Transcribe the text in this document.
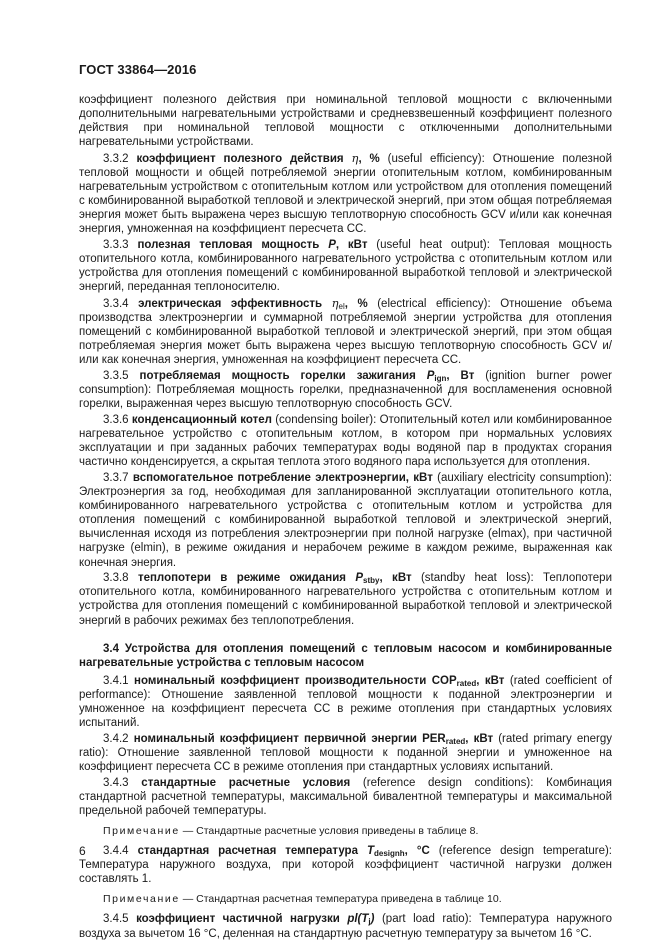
ГОСТ 33864—2016

коэффициент полезного действия при номинальной тепловой мощности с включенными дополнительными нагревательными устройствами и средневзвешенный коэффициент полезного действия при номинальной тепловой мощности с отключенными дополнительными нагревательными устройствами.

3.3.2 коэффициент полезного действия η, % (useful efficiency): Отношение полезной тепловой мощности и общей потребляемой энергии отопительным котлом, комбинированным нагревательным устройством с отопительным котлом или устройством для отопления помещений с комбинированной выработкой тепловой и электрической энергий, при этом общая потребляемая энергия может быть выражена через высшую теплотворную способность GCV и/или как конечная энергия, умноженная на коэффициент пересчета CC.

3.3.3 полезная тепловая мощность P, кВт (useful heat output): Тепловая мощность отопительного котла, комбинированного нагревательного устройства с отопительным котлом или устройства для отопления помещений с комбинированной выработкой тепловой и электрической энергий, переданная теплоносителю.

3.3.4 электрическая эффективность $\eta_{el}$, % (electrical efficiency): Отношение объема производства электроэнергии и суммарной потребляемой энергии устройства для отопления помещений с комбинированной выработкой тепловой и электрической энергий, при этом общая потребляемая энергия может быть выражена через высшую теплотворную способность GCV и/или как конечная энергия, умноженная на коэффициент пересчета CC.

3.3.5 потребляемая мощность горелки зажигания $P_{ign}$, Вт (ignition burner power consumption): Потребляемая мощность горелки, предназначенной для воспламенения основной горелки, выраженная через высшую теплотворную способность GCV.

3.3.6 конденсационный котел (condensing boiler): Отопительный котел или комбинированное нагревательное устройство с отопительным котлом, в котором при нормальных условиях эксплуатации и при заданных рабочих температурах воды водяной пар в продуктах сгорания частично конденсируется, а скрытая теплота этого водяного пара используется для отопления.

3.3.7 вспомогательное потребление электроэнергии, кВт (auxiliary electricity consumption): Электроэнергия за год, необходимая для запланированной эксплуатации отопительного котла, комбинированного нагревательного устройства с отопительным котлом и устройства для отопления помещений с комбинированной выработкой тепловой и электрической энергий, вычисленная исходя из потребления электроэнергии при полной нагрузке (elmax), при частичной нагрузке (elmin), в режиме ожидания и нерабочем режиме в каждом режиме, выраженная как конечная энергия.

3.3.8 теплопотери в режиме ожидания $P_{stby}$, кВт (standby heat loss): Теплопотери отопительного котла, комбинированного нагревательного устройства с отопительным котлом и устройства для отопления помещений с комбинированной выработкой тепловой и электрической энергий в рабочих режимах без теплопотребления.

3.4 Устройства для отопления помещений с тепловым насосом и комбинированные нагревательные устройства с тепловым насосом

3.4.1 номинальный коэффициент производительности $COP_{rated}$, кВт (rated coefficient of performance): Отношение заявленной тепловой мощности к поданной электроэнергии и умноженное на коэффициент пересчета CC в режиме отопления при стандартных условиях испытаний.

3.4.2 номинальный коэффициент первичной энергии $PER_{rated}$, кВт (rated primary energy ratio): Отношение заявленной тепловой мощности к поданной энергии и умноженное на коэффициент пересчета CC в режиме отопления при стандартных условиях испытаний.

3.4.3 стандартные расчетные условия (reference design conditions): Комбинация стандартной расчетной температуры, максимальной бивалентной температуры и максимальной предельной рабочей температуры.

Примечание — Стандартные расчетные условия приведены в таблице 8.

3.4.4 стандартная расчетная температура $T_{designh}$, °C (reference design temperature): Температура наружного воздуха, при которой коэффициент частичной нагрузки должен составлять 1.

Примечание — Стандартная расчетная температура приведена в таблице 10.

3.4.5 коэффициент частичной нагрузки $pl(T_j)$ (part load ratio): Температура наружного воздуха за вычетом 16 °C, деленная на стандартную расчетную температуру за вычетом 16 °C.

6
